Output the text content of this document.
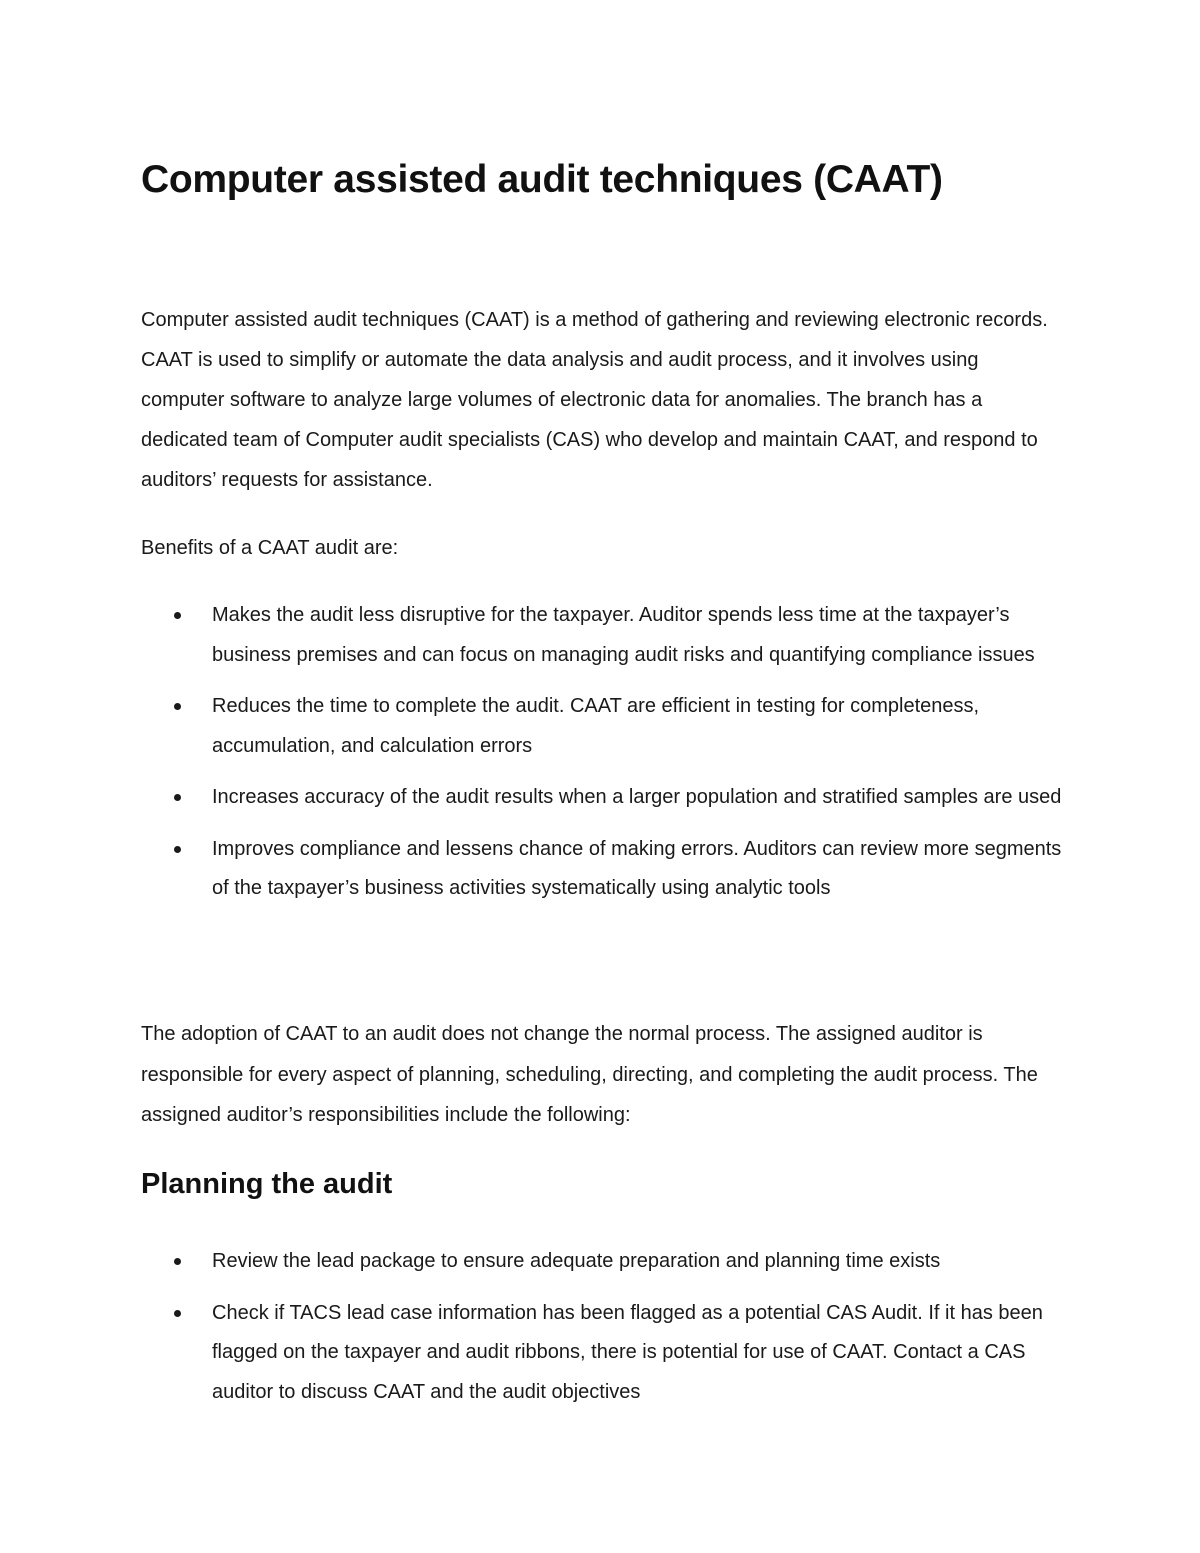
Computer assisted audit techniques (CAAT)

Computer assisted audit techniques (CAAT) is a method of gathering and reviewing electronic records. CAAT is used to simplify or automate the data analysis and audit process, and it involves using computer software to analyze large volumes of electronic data for anomalies. The branch has a dedicated team of Computer audit specialists (CAS) who develop and maintain CAAT, and respond to auditors’ requests for assistance.

Benefits of a CAAT audit are:

Makes the audit less disruptive for the taxpayer. Auditor spends less time at the taxpayer’s business premises and can focus on managing audit risks and quantifying compliance issues
Reduces the time to complete the audit. CAAT are efficient in testing for completeness, accumulation, and calculation errors
Increases accuracy of the audit results when a larger population and stratified samples are used
Improves compliance and lessens chance of making errors. Auditors can review more segments of the taxpayer’s business activities systematically using analytic tools

The adoption of CAAT to an audit does not change the normal process. The assigned auditor is responsible for every aspect of planning, scheduling, directing, and completing the audit process. The assigned auditor’s responsibilities include the following:

Planning the audit
Review the lead package to ensure adequate preparation and planning time exists
Check if TACS lead case information has been flagged as a potential CAS Audit. If it has been flagged on the taxpayer and audit ribbons, there is potential for use of CAAT. Contact a CAS auditor to discuss CAAT and the audit objectives
